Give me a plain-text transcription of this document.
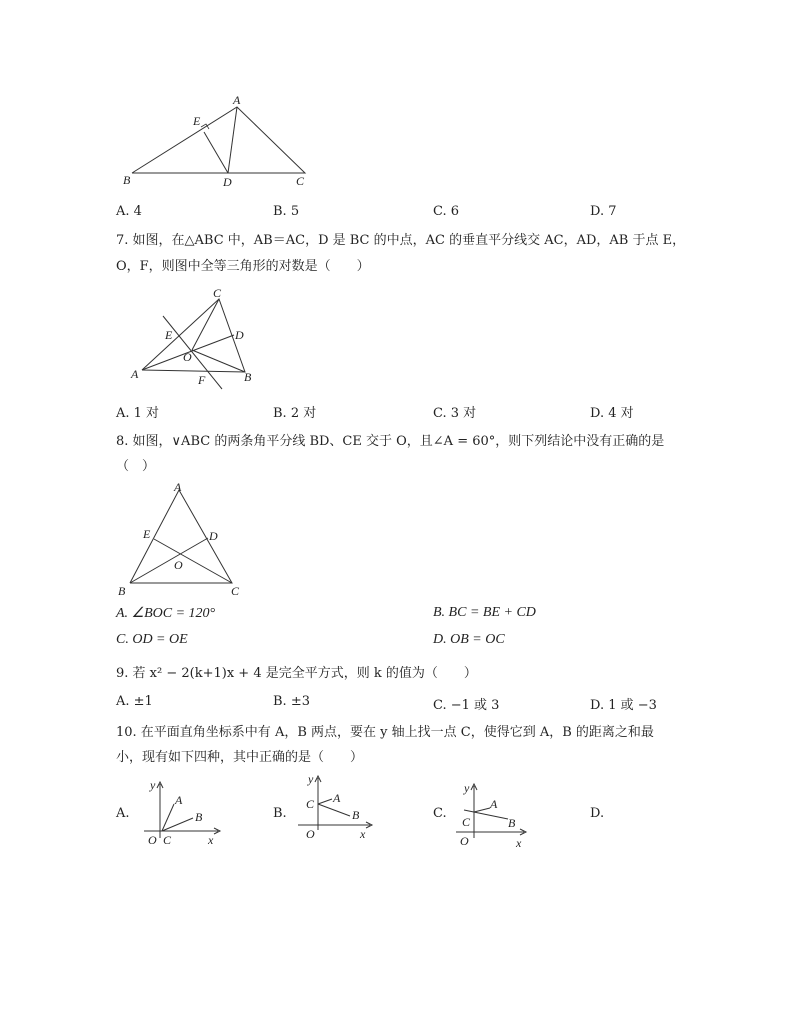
A
E
B	D	C
A. 4	B. 5	C. 6	D. 7
7. 如图，在△ABC 中，AB＝AC，D 是 BC 的中点，AC 的垂直平分线交 AC，AD，AB 于点 E，
O，F，则图中全等三角形的对数是（　　）
C
E	D
O
A	F	B
A. 1 对	B. 2 对	C. 3 对	D. 4 对
8. 如图，∨ABC 的两条角平分线 BD、CE 交于 O，且∠A = 60°，则下列结论中没有正确的是
（　）
A
E	D
O
B	C
A. ∠BOC = 120°	B. BC = BE + CD
C. OD = OE	D. OB = OC
9. 若 x² − 2(k+1)x + 4 是完全平方式，则 k 的值为（　　）
A. ±1	B. ±3	C. −1 或 3	D. 1 或 −3
10. 在平面直角坐标系中有 A，B 两点，要在 y 轴上找一点 C，使得它到 A，B 的距离之和最
小，现有如下四种，其中正确的是（　　）
A.	B.	C.	D.
y
A
B
O C	x
y
C A
B
O	x
y
A
C	B
O	x
